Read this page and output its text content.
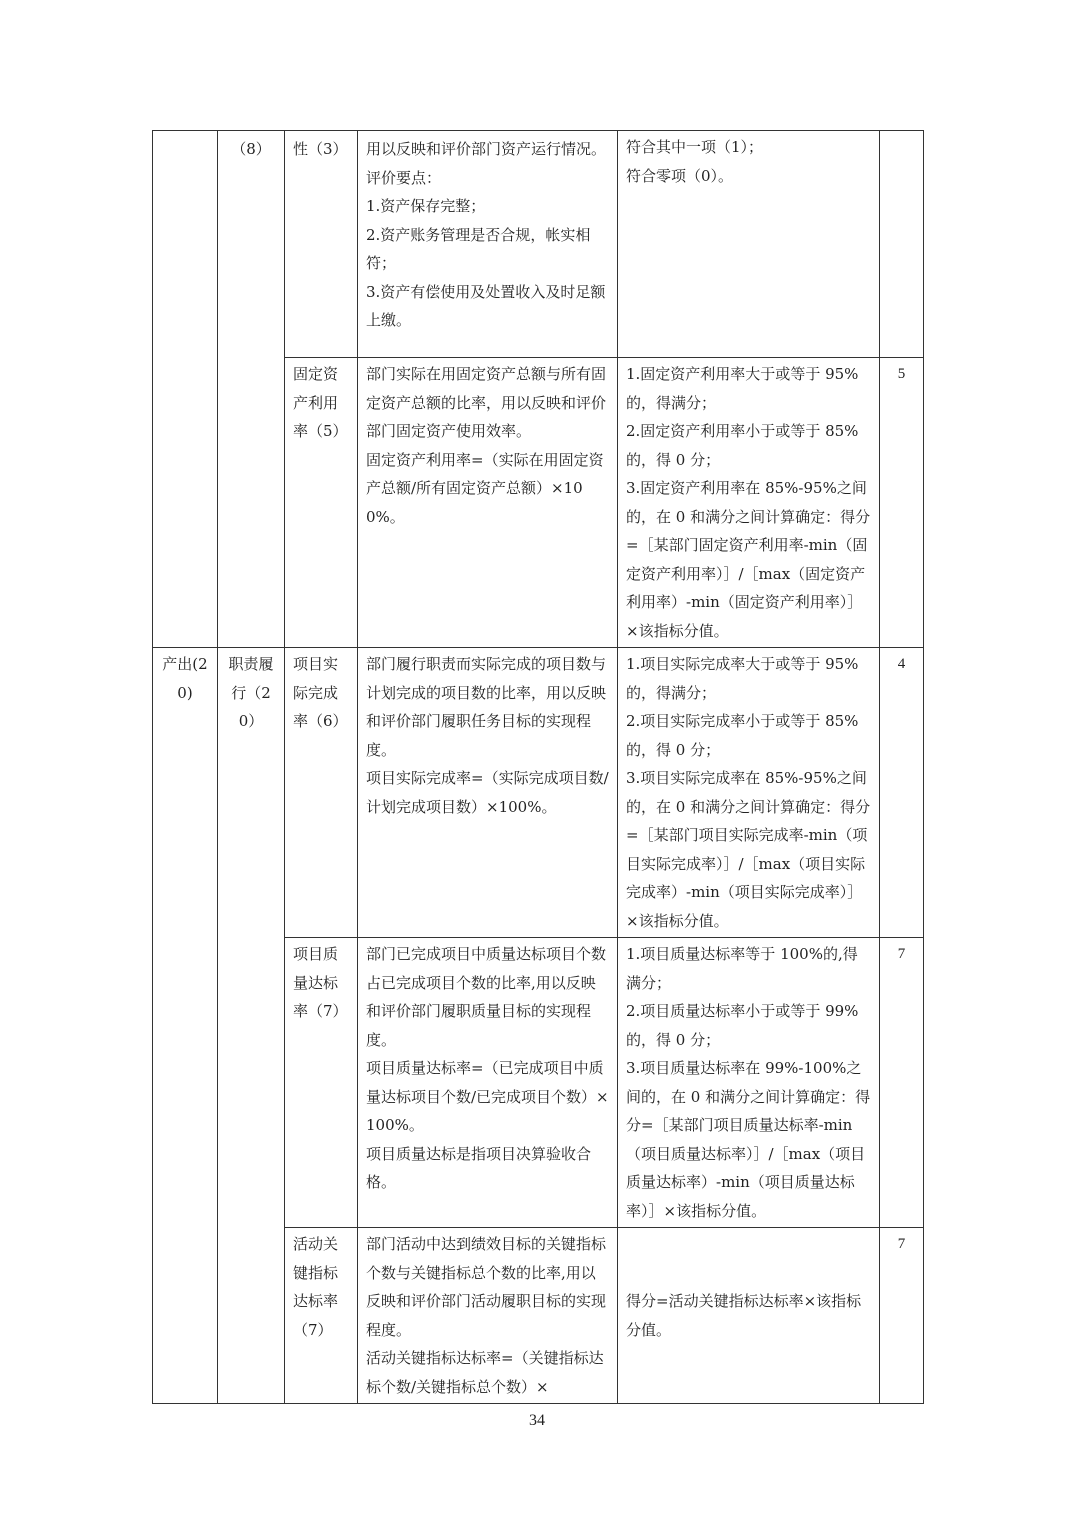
	（8）	性（3）	用以反映和评价部门资产运行情况。
评价要点：
1.资产保存完整；
2.资产账务管理是否合规，帐实相符；
3.资产有偿使用及处置收入及时足额上缴。	符合其中一项（1）；
符合零项（0）。	

		固定资产利用率（5）	部门实际在用固定资产总额与所有固定资产总额的比率，用以反映和评价部门固定资产使用效率。
固定资产利用率=（实际在用固定资产总额/所有固定资产总额）×100%。	1.固定资产利用率大于或等于 95%的，得满分；
2.固定资产利用率小于或等于 85%的，得 0 分；
3.固定资产利用率在 85%-95%之间的，在 0 和满分之间计算确定：得分=［某部门固定资产利用率-min（固定资产利用率）］/［max（固定资产利用率）-min（固定资产利用率）］×该指标分值。	5
产出(20)	职责履行（20）	项目实际完成率（6）	部门履行职责而实际完成的项目数与计划完成的项目数的比率，用以反映和评价部门履职任务目标的实现程度。
项目实际完成率=（实际完成项目数/计划完成项目数）×100%。	1.项目实际完成率大于或等于 95%的，得满分；
2.项目实际完成率小于或等于 85%的，得 0 分；
3.项目实际完成率在 85%-95%之间的，在 0 和满分之间计算确定：得分=［某部门项目实际完成率-min（项目实际完成率）］/［max（项目实际完成率）-min（项目实际完成率）］×该指标分值。	4
		项目质量达标率（7）	部门已完成项目中质量达标项目个数占已完成项目个数的比率,用以反映和评价部门履职质量目标的实现程度。
项目质量达标率=（已完成项目中质量达标项目个数/已完成项目个数）×100%。
项目质量达标是指项目决算验收合格。	1.项目质量达标率等于 100%的,得满分；
2.项目质量达标率小于或等于 99%的，得 0 分；
3.项目质量达标率在 99%-100%之间的，在 0 和满分之间计算确定：得分=［某部门项目质量达标率-min（项目质量达标率）］/［max（项目质量达标率）-min（项目质量达标率）］×该指标分值。	7
		活动关键指标达标率（7）	部门活动中达到绩效目标的关键指标个数与关键指标总个数的比率,用以反映和评价部门活动履职目标的实现程度。
活动关键指标达标率=（关键指标达标个数/关键指标总个数）×	得分=活动关键指标达标率×该指标分值。	7
34
